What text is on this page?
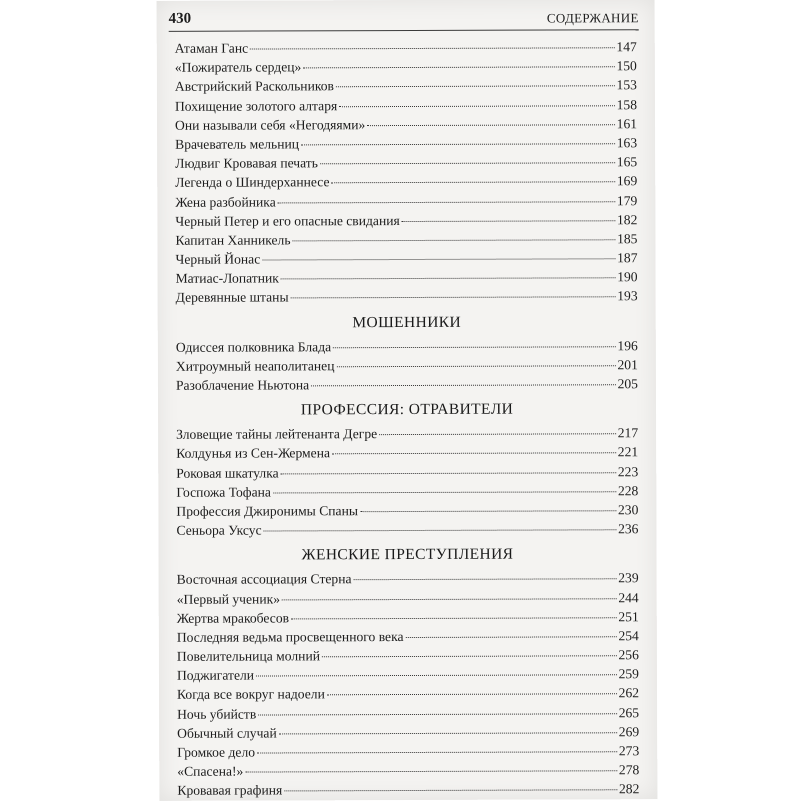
430	СОДЕРЖАНИЕ
Атаман Ганс	147
«Пожиратель сердец»	150
Австрийский Раскольников	153
Похищение золотого алтаря	158
Они называли себя «Негодяями»	161
Врачеватель мельниц	163
Людвиг Кровавая печать	165
Легенда о Шиндерханнесе	169
Жена разбойника	179
Черный Петер и его опасные свидания	182
Капитан Ханникель	185
Черный Йонас	187
Матиас-Лопатник	190
Деревянные штаны	193
МОШЕННИКИ
Одиссея полковника Блада	196
Хитроумный неаполитанец	201
Разоблачение Ньютона	205
ПРОФЕССИЯ: ОТРАВИТЕЛИ
Зловещие тайны лейтенанта Дегре	217
Колдунья из Сен-Жермена	221
Роковая шкатулка	223
Госпожа Тофана	228
Профессия Джиронимы Спаны	230
Сеньора Уксус	236
ЖЕНСКИЕ ПРЕСТУПЛЕНИЯ
Восточная ассоциация Стерна	239
«Первый ученик»	244
Жертва мракобесов	251
Последняя ведьма просвещенного века	254
Повелительница молний	256
Поджигатели	259
Когда все вокруг надоели	262
Ночь убийств	265
Обычный случай	269
Громкое дело	273
«Спасена!»	278
Кровавая графиня	282
